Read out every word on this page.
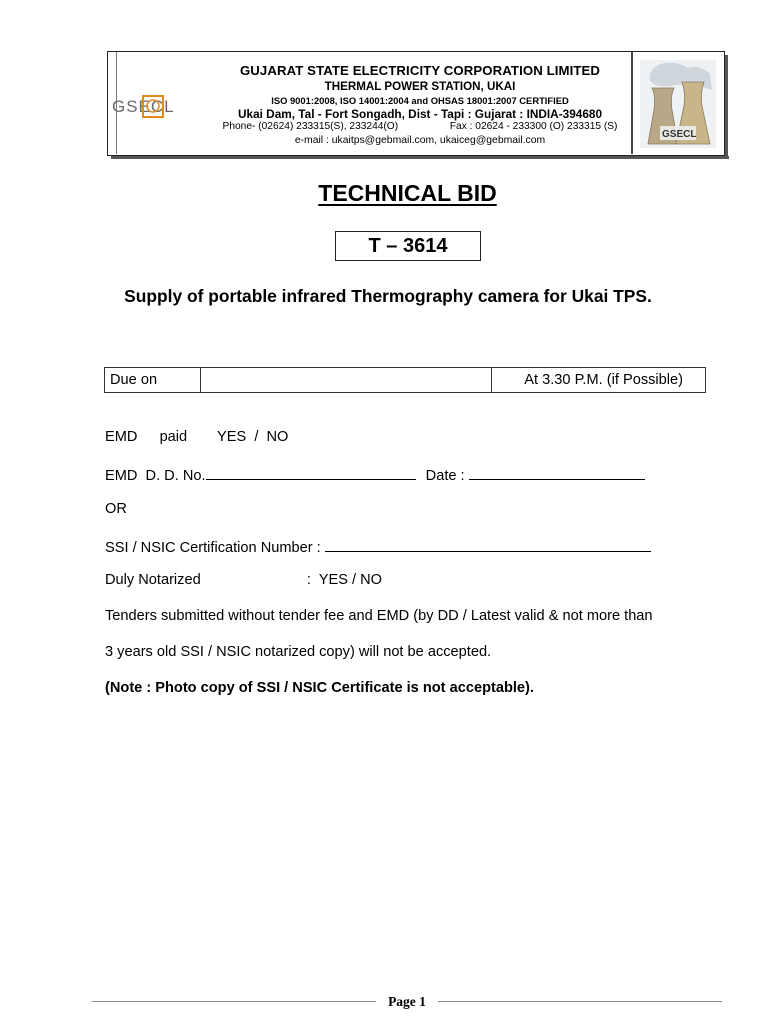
GSECL
GSECL
GUJARAT STATE ELECTRICITY CORPORATION LIMITED
THERMAL POWER STATION, UKAI
ISO 9001:2008, ISO 14001:2004 and OHSAS 18001:2007 CERTIFIED
Ukai Dam, Tal - Fort Songadh, Dist - Tapi : Gujarat : INDIA-394680
Phone- (02624) 233315(S), 233244(O)	Fax : 02624 - 233300 (O) 233315 (S)
e-mail : ukaitps@gebmail.com, ukaiceg@gebmail.com
TECHNICAL BID
T – 3614
Supply of portable infrared Thermography camera for Ukai TPS.
Due on	At 3.30 P.M. (if Possible)
EMD paid YES  /  NO
EMD  D. D. No.	Date :
OR
SSI / NSIC Certification Number :
Duly Notarized	:  YES / NO
Tenders submitted without tender fee and EMD (by DD / Latest valid & not more than
3 years old SSI / NSIC notarized copy) will not be accepted.
(Note : Photo copy of SSI / NSIC Certificate is not acceptable).
Page 1
